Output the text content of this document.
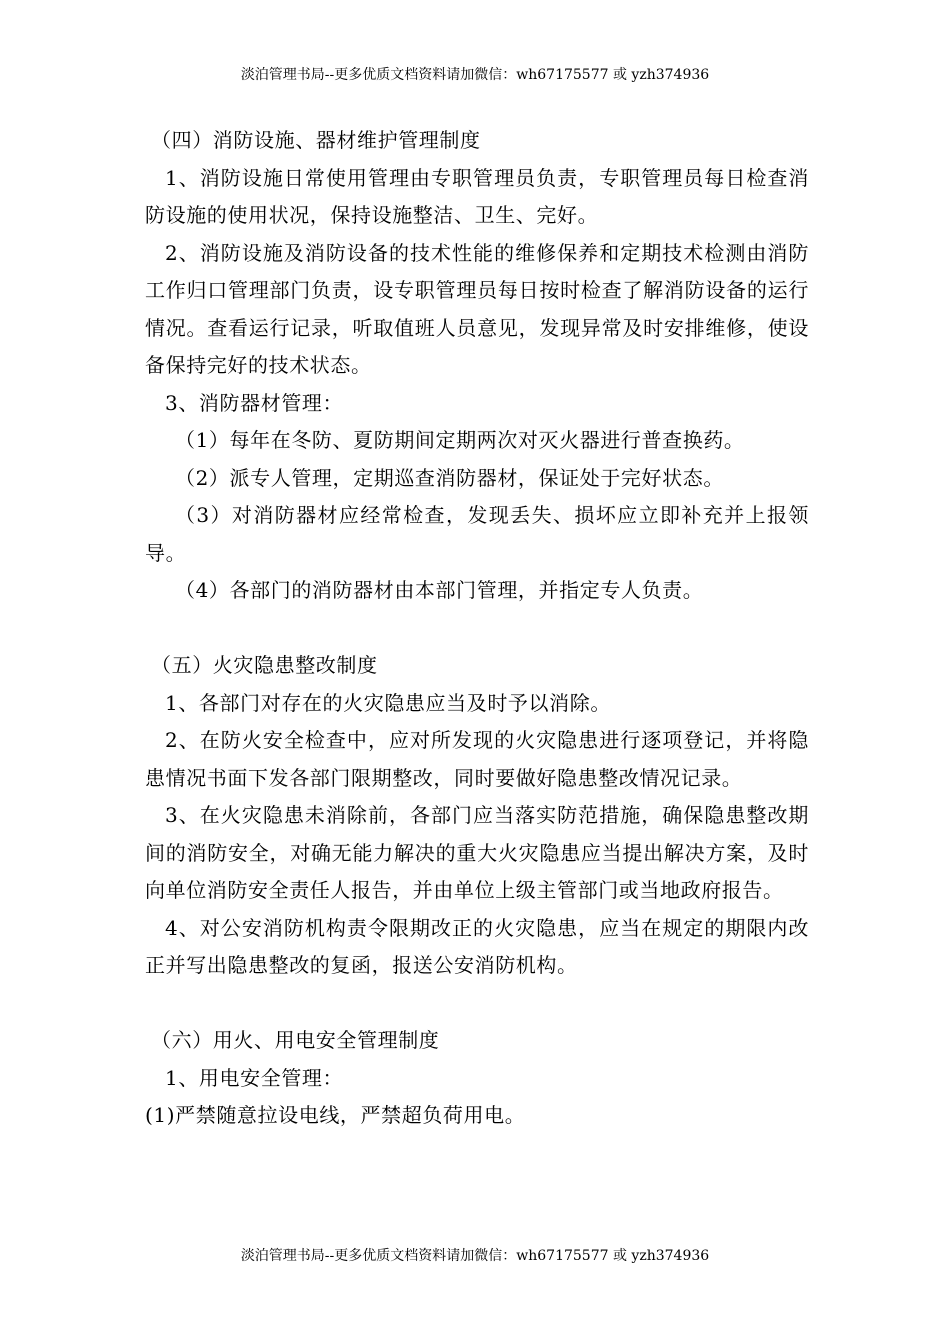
淡泊管理书局--更多优质文档资料请加微信：wh67175577 或 yzh374936

（四）消防设施、器材维护管理制度

1、消防设施日常使用管理由专职管理员负责，专职管理员每日检查消防设施的使用状况，保持设施整洁、卫生、完好。

2、消防设施及消防设备的技术性能的维修保养和定期技术检测由消防工作归口管理部门负责，设专职管理员每日按时检查了解消防设备的运行情况。查看运行记录，听取值班人员意见，发现异常及时安排维修，使设备保持完好的技术状态。

3、消防器材管理：

（1）每年在冬防、夏防期间定期两次对灭火器进行普查换药。

（2）派专人管理，定期巡查消防器材，保证处于完好状态。

（3）对消防器材应经常检查，发现丢失、损坏应立即补充并上报领导。

（4）各部门的消防器材由本部门管理，并指定专人负责。

（五）火灾隐患整改制度

1、各部门对存在的火灾隐患应当及时予以消除。

2、在防火安全检查中，应对所发现的火灾隐患进行逐项登记，并将隐患情况书面下发各部门限期整改，同时要做好隐患整改情况记录。

3、在火灾隐患未消除前，各部门应当落实防范措施，确保隐患整改期间的消防安全，对确无能力解决的重大火灾隐患应当提出解决方案，及时向单位消防安全责任人报告，并由单位上级主管部门或当地政府报告。

4、对公安消防机构责令限期改正的火灾隐患，应当在规定的期限内改正并写出隐患整改的复函，报送公安消防机构。

（六）用火、用电安全管理制度

1、用电安全管理：

(1)严禁随意拉设电线，严禁超负荷用电。

淡泊管理书局--更多优质文档资料请加微信：wh67175577 或 yzh374936
